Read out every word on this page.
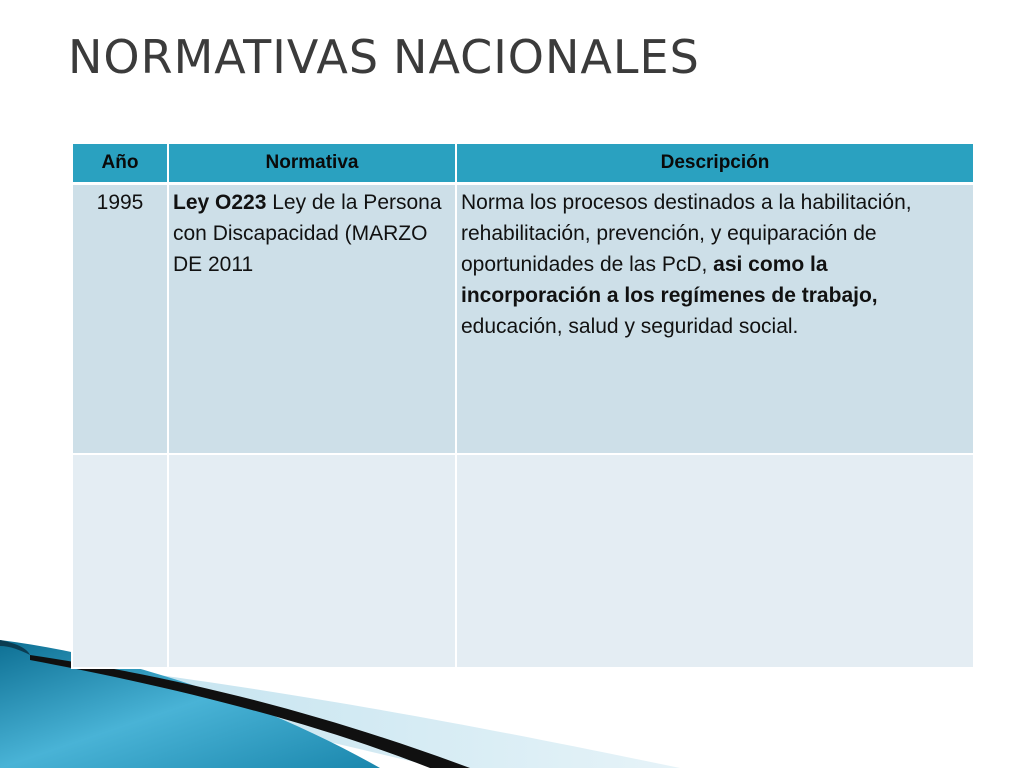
NORMATIVAS NACIONALES
Año	Normativa	Descripción
1995	Ley O223 Ley de la Persona con Discapacidad (MARZO DE 2011	Norma los procesos destinados a la habilitación, rehabilitación, prevención, y equiparación de oportunidades de las PcD, asi como la incorporación a los regímenes de trabajo, educación, salud y seguridad social.
